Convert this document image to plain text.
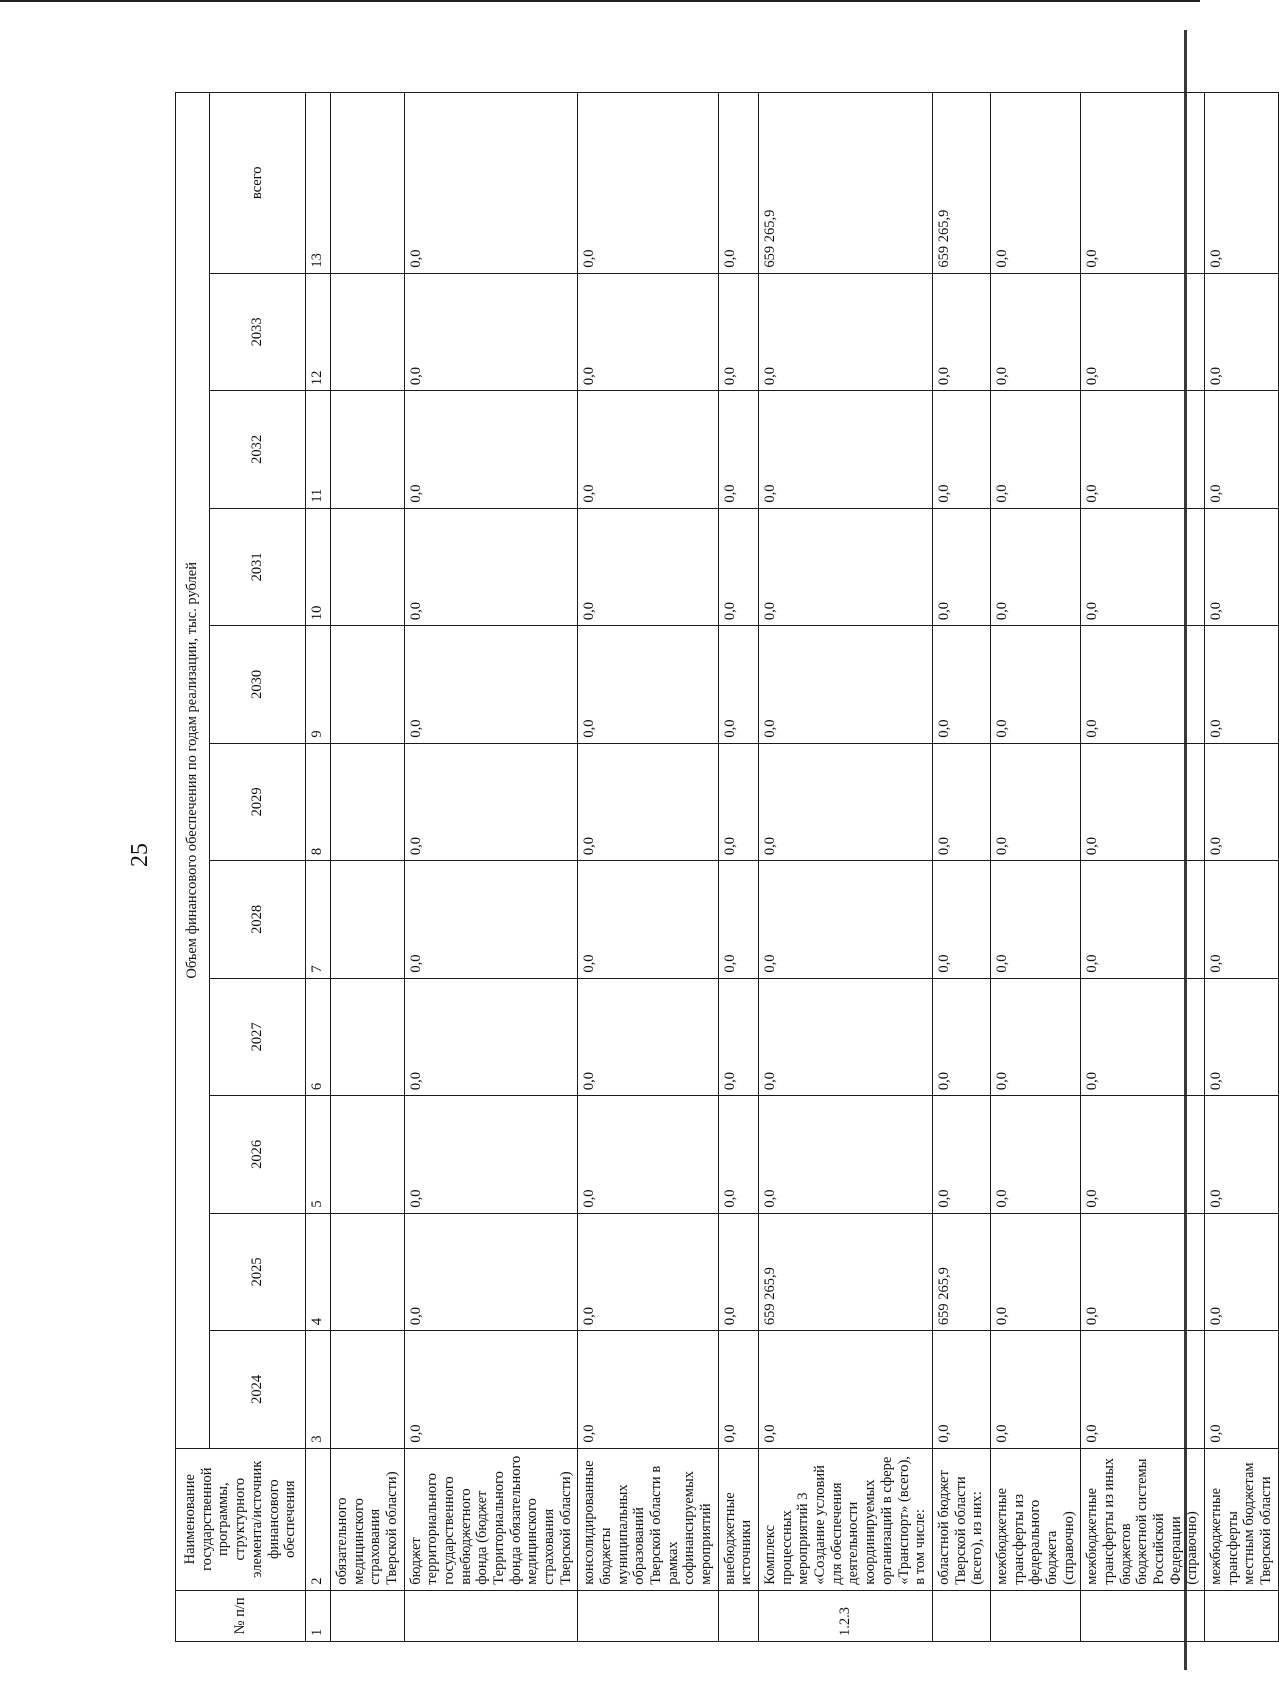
25
№ п/п	Наименование государственной программы, структурного элемента/источник финансового обеспечения	Объем финансового обеспечения по годам реализации, тыс. рублей										
		2024	2025	2026	2027	2028	2029	2030	2031	2032	2033	всего
1	2	3	4	5	6	7	8	9	10	11	12	13
	обязательного медицинского страхования Тверской области)											
	бюджет территориального государственного внебюджетного фонда (бюджет Территориального фонда обязательного медицинского страхования Тверской области)	0,0	0,0	0,0	0,0	0,0	0,0	0,0	0,0	0,0	0,0	0,0
	консолидированные бюджеты муниципальных образований Тверской области в рамках софинансируемых мероприятий	0,0	0,0	0,0	0,0	0,0	0,0	0,0	0,0	0,0	0,0	0,0
	внебюджетные источники	0,0	0,0	0,0	0,0	0,0	0,0	0,0	0,0	0,0	0,0	0,0
1.2.3	Комплекс процессных мероприятий 3 «Создание условий для обеспечения деятельности координируемых организаций в сфере «Транспорт» (всего), в том числе:	0,0	659 265,9	0,0	0,0	0,0	0,0	0,0	0,0	0,0	0,0	659 265,9
	областной бюджет Тверской области (всего), из них:	0,0	659 265,9	0,0	0,0	0,0	0,0	0,0	0,0	0,0	0,0	659 265,9
	межбюджетные трансферты из федерального бюджета (справочно)	0,0	0,0	0,0	0,0	0,0	0,0	0,0	0,0	0,0	0,0	0,0
	межбюджетные трансферты из иных бюджетов бюджетной системы Российской Федерации (справочно)	0,0	0,0	0,0	0,0	0,0	0,0	0,0	0,0	0,0	0,0	0,0
	межбюджетные трансферты местным бюджетам Тверской области	0,0	0,0	0,0	0,0	0,0	0,0	0,0	0,0	0,0	0,0	0,0
